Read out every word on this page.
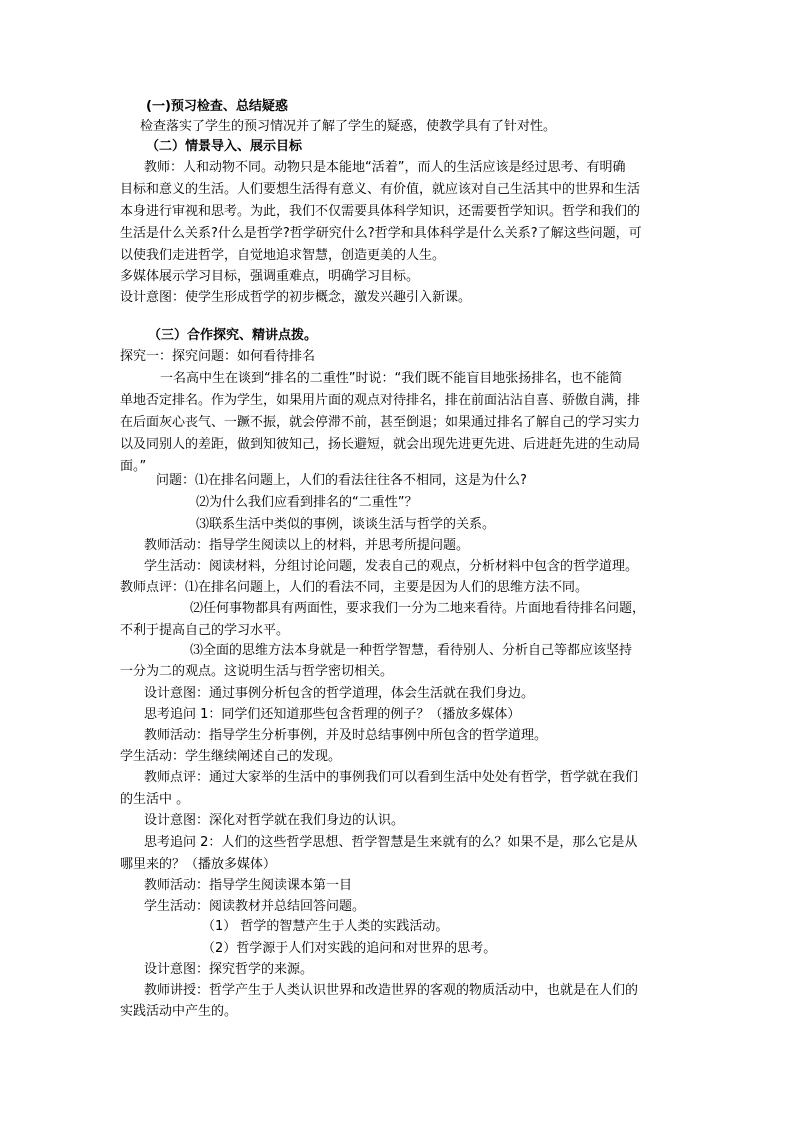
(一)预习检查、总结疑惑
检查落实了学生的预习情况并了解了学生的疑惑，使教学具有了针对性。
（二）情景导入、展示目标
教师：人和动物不同。动物只是本能地“活着”，而人的生活应该是经过思考、有明确
目标和意义的生活。人们要想生活得有意义、有价值，就应该对自己生活其中的世界和生活
本身进行审视和思考。为此，我们不仅需要具体科学知识，还需要哲学知识。哲学和我们的
生活是什么关系?什么是哲学?哲学研究什么?哲学和具体科学是什么关系?了解这些问题，可
以使我们走进哲学，自觉地追求智慧，创造更美的人生。
多媒体展示学习目标，强调重难点，明确学习目标。
设计意图：使学生形成哲学的初步概念，激发兴趣引入新课。
（三）合作探究、精讲点拨。
探究一：探究问题：如何看待排名
一名高中生在谈到“排名的二重性”时说：“我们既不能盲目地张扬排名，也不能简
单地否定排名。作为学生，如果用片面的观点对待排名，排在前面沾沾自喜、骄傲自满，排
在后面灰心丧气、一蹶不振，就会停滞不前，甚至倒退；如果通过排名了解自己的学习实力
以及同别人的差距，做到知彼知己，扬长避短，就会出现先进更先进、后进赶先进的生动局
面。”
问题：⑴在排名问题上，人们的看法往往各不相同，这是为什么?
⑵为什么我们应看到排名的“二重性”？
⑶联系生活中类似的事例，谈谈生活与哲学的关系。
教师活动：指导学生阅读以上的材料，并思考所提问题。
学生活动：阅读材料，分组讨论问题，发表自己的观点，分析材料中包含的哲学道理。
教师点评：⑴在排名问题上，人们的看法不同，主要是因为人们的思维方法不同。
⑵任何事物都具有两面性，要求我们一分为二地来看待。片面地看待排名问题，
不利于提高自己的学习水平。
⑶全面的思维方法本身就是一种哲学智慧，看待别人、分析自己等都应该坚持
一分为二的观点。这说明生活与哲学密切相关。
设计意图：通过事例分析包含的哲学道理，体会生活就在我们身边。
思考追问 1：同学们还知道那些包含哲理的例子？（播放多媒体）
教师活动：指导学生分析事例，并及时总结事例中所包含的哲学道理。
学生活动：学生继续阐述自己的发现。
教师点评：通过大家举的生活中的事例我们可以看到生活中处处有哲学，哲学就在我们
的生活中 。
设计意图：深化对哲学就在我们身边的认识。
思考追问 2：人们的这些哲学思想、哲学智慧是生来就有的么？如果不是，那么它是从
哪里来的？（播放多媒体）
教师活动：指导学生阅读课本第一目
学生活动：阅读教材并总结回答问题。
（1） 哲学的智慧产生于人类的实践活动。
（2）哲学源于人们对实践的追问和对世界的思考。
设计意图：探究哲学的来源。
教师讲授：哲学产生于人类认识世界和改造世界的客观的物质活动中，也就是在人们的
实践活动中产生的。
